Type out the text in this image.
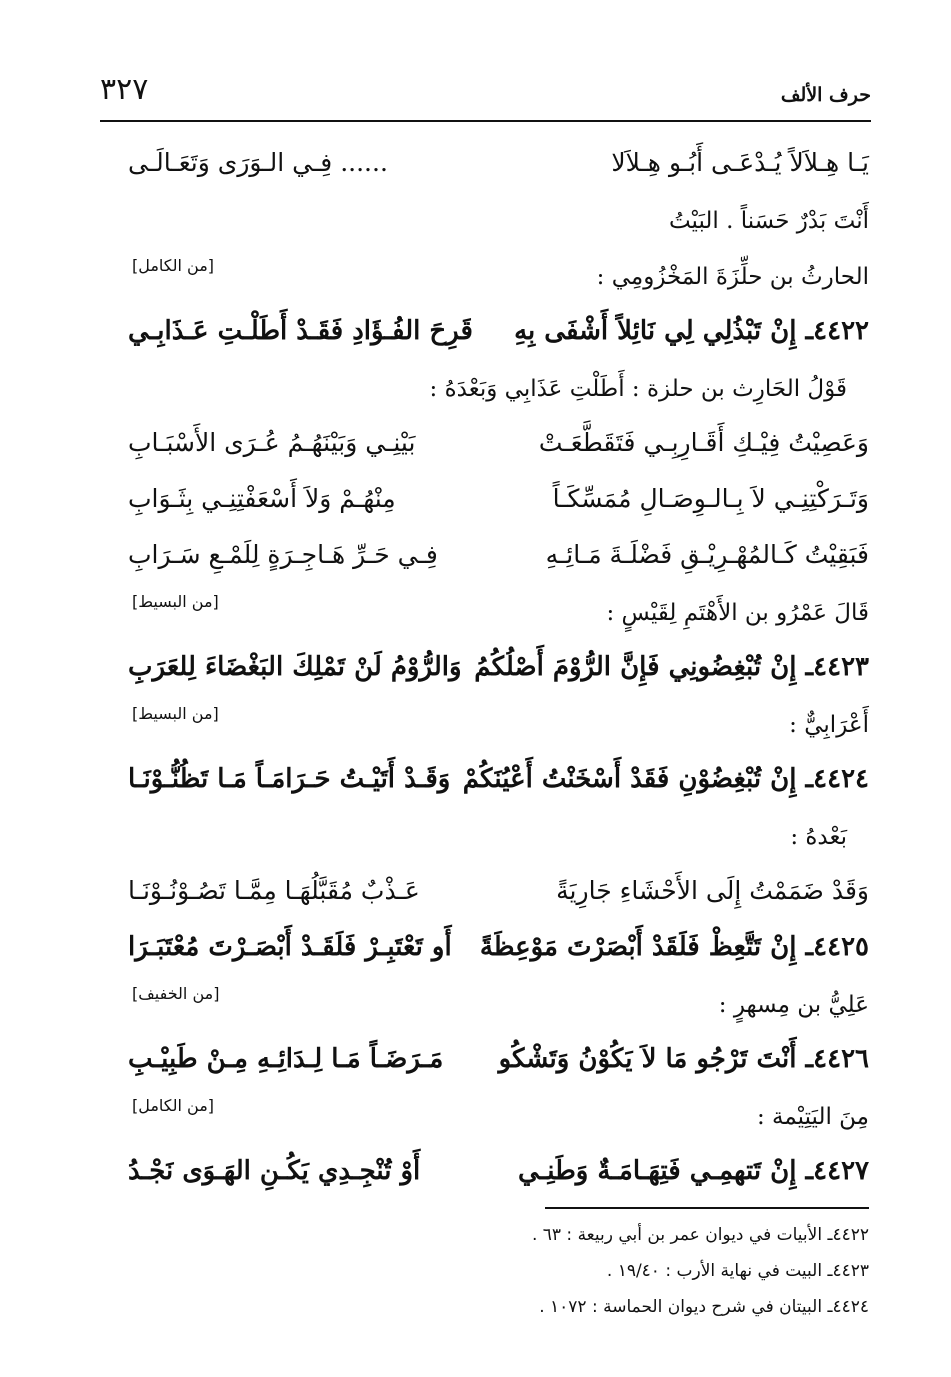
حرف الألف
٣٢٧
يَـا هِـلاَلاً يُـدْعَـى أَبُـو هِـلاَلا
...... فِـي الـوَرَى وَتَعَـالَـى
أَنْتَ بَدْرٌ حَسَناً . البَيْتُ
الحارثُ بن حلِّزَةَ المَخْزُومِي :
[من الكامل]
٤٤٢٢ـ إِنْ تَبْذُلِي لِي نَائِلاً أَشْفَى بِهِ
قَرِحَ الفُـؤَادِ فَقَـدْ أَطَلْـتِ عَـذَابِـي
قَوْلُ الحَارِث بن حلزة : أَطَلْتِ عَذَابِي وَبَعْدَهُ :
وَعَصِيْتُ فِيْـكِ أَقَـارِبِـي فَتَقَطَّعَـتْ
بَيْنِـي وَبَيْنَهُـمُ عُـرَى الأَسْبَـابِ
وَتَـرَكْتِنِـي لاَ بِـالـوِصَـالِ مُمَسِّكَـاً
مِنْهُـمْ وَلاَ أَسْعَفْتِنِـي بِثَـوَابِ
فَبَقِيْتُ كَـالمُهْـرِيْـقِ فَضْلَـةَ مَـائِـهِ
فِـي حَـرِّ هَـاجِـرَةٍ لِلَمْـعِ سَـرَابِ
قَالَ عَمْرُو بن الأَهْتَمِ لِقَيْسٍ :
[من البسيط]
٤٤٢٣ـ إِنْ تُبْغِضُونِي فَإِنَّ الرُّوْمَ أَصْلُكُمُ
وَالرُّوْمُ لَنْ تَمْلِكَ البَغْضَاءَ لِلعَرَبِ
أَعْرَابِيٌّ :
[من البسيط]
٤٤٢٤ـ إِنْ تُبْغِضُوْنِ فَقَدْ أَسْخَنْتُ أَعْيُنَكُمْ
وَقَـدْ أَتَيْـتُ حَـرَامَـاً مَـا تَظُنُّـوْنَـا
بَعْدهُ :
وَقَدْ ضَمَمْتُ إِلَى الأَحْشَاءِ جَارِيَةً
عَـذْبٌ مُقَبَّلُهَـا مِمَّـا تَصُـوْنُـوْنَـا
٤٤٢٥ـ إِنْ تَتَّعِظْ فَلَقَدْ أَبْصَرْتَ مَوْعِظَةً
أَو تَعْتَبِـرْ فَلَقَـدْ أَبْصَـرْتَ مُعْتَبَـرَا
عَلِيُّ بن مِسهرٍ :
[من الخفيف]
٤٤٢٦ـ أَنْتَ تَرْجُو مَا لاَ يَكُوْنُ وَتَشْكُو
مَـرَضَـاً مَـا لِـدَائِـهِ مِـنْ طَبِيْـبِ
مِنَ اليَتِيْمة :
[من الكامل]
٤٤٢٧ـ إِنْ تَتهمِـي فَتِهَـامَـةٌ وَطَنِـي
أَوْ تُنْجِـدِي يَكُـنِ الهَـوَى نَجْـدُ
٤٤٢٢ـ الأبيات في ديوان عمر بن أبي ربيعة : ٦٣ .
٤٤٢٣ـ البيت في نهاية الأرب : ١٩/٤٠ .
٤٤٢٤ـ البيتان في شرح ديوان الحماسة : ١٠٧٢ .
